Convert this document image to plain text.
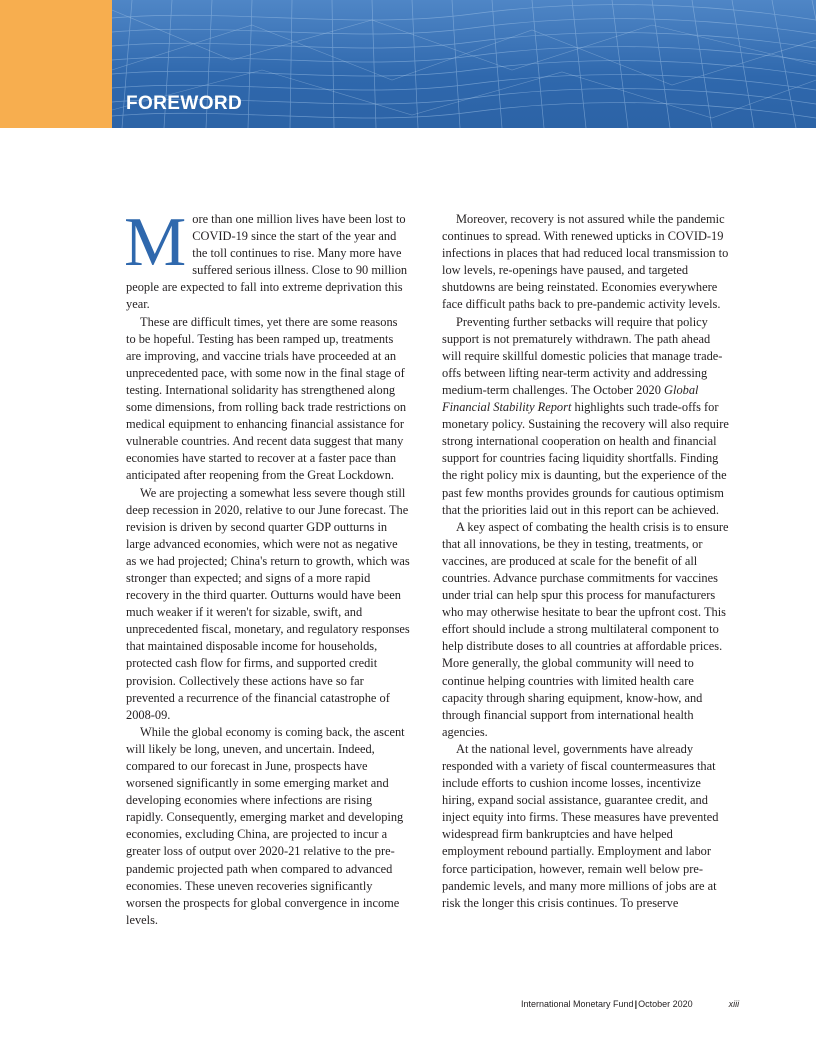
FOREWORD

More than one million lives have been lost to COVID-19 since the start of the year and the toll continues to rise. Many more have suffered serious illness. Close to 90 million people are expected to fall into extreme deprivation this year.

These are difficult times, yet there are some reasons to be hopeful. Testing has been ramped up, treatments are improving, and vaccine trials have proceeded at an unprecedented pace, with some now in the final stage of testing. International solidarity has strengthened along some dimensions, from rolling back trade restrictions on medical equipment to enhancing financial assistance for vulnerable countries. And recent data suggest that many economies have started to recover at a faster pace than anticipated after reopening from the Great Lockdown.

We are projecting a somewhat less severe though still deep recession in 2020, relative to our June forecast. The revision is driven by second quarter GDP outturns in large advanced economies, which were not as negative as we had projected; China's return to growth, which was stronger than expected; and signs of a more rapid recovery in the third quarter. Outturns would have been much weaker if it weren't for sizable, swift, and unprecedented fiscal, monetary, and regulatory responses that maintained disposable income for households, protected cash flow for firms, and supported credit provision. Collectively these actions have so far prevented a recurrence of the financial catastrophe of 2008-09.

While the global economy is coming back, the ascent will likely be long, uneven, and uncertain. Indeed, compared to our forecast in June, prospects have worsened significantly in some emerging market and developing economies where infections are rising rapidly. Consequently, emerging market and developing economies, excluding China, are projected to incur a greater loss of output over 2020-21 relative to the pre-pandemic projected path when compared to advanced economies. These uneven recoveries significantly worsen the prospects for global convergence in income levels.

Moreover, recovery is not assured while the pandemic continues to spread. With renewed upticks in COVID-19 infections in places that had reduced local transmission to low levels, re-openings have paused, and targeted shutdowns are being reinstated. Economies everywhere face difficult paths back to pre-pandemic activity levels.

Preventing further setbacks will require that policy support is not prematurely withdrawn. The path ahead will require skillful domestic policies that manage trade-offs between lifting near-term activity and addressing medium-term challenges. The October 2020 Global Financial Stability Report highlights such trade-offs for monetary policy. Sustaining the recovery will also require strong international cooperation on health and financial support for countries facing liquidity shortfalls. Finding the right policy mix is daunting, but the experience of the past few months provides grounds for cautious optimism that the priorities laid out in this report can be achieved.

A key aspect of combating the health crisis is to ensure that all innovations, be they in testing, treatments, or vaccines, are produced at scale for the benefit of all countries. Advance purchase commitments for vaccines under trial can help spur this process for manufacturers who may otherwise hesitate to bear the upfront cost. This effort should include a strong multilateral component to help distribute doses to all countries at affordable prices. More generally, the global community will need to continue helping countries with limited health care capacity through sharing equipment, know-how, and through financial support from international health agencies.

At the national level, governments have already responded with a variety of fiscal countermeasures that include efforts to cushion income losses, incentivize hiring, expand social assistance, guarantee credit, and inject equity into firms. These measures have prevented widespread firm bankruptcies and have helped employment rebound partially. Employment and labor force participation, however, remain well below pre-pandemic levels, and many more millions of jobs are at risk the longer this crisis continues. To preserve

International Monetary Fund|October 2020	xiii
